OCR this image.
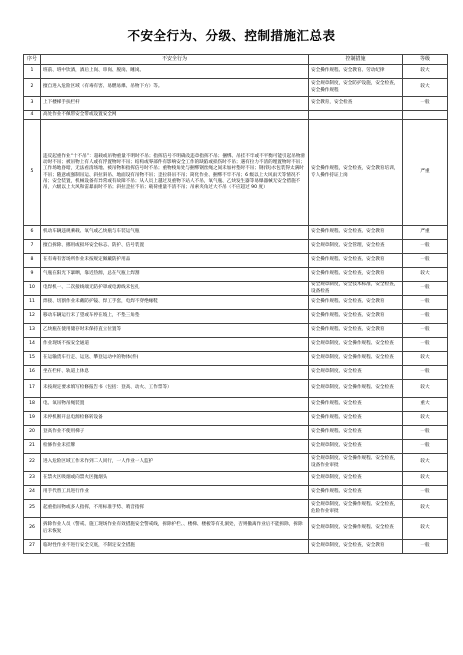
不安全行为、分级、控制措施汇总表
序号	不安全行为	控制措施	等级
1	班前、班中饮酒，酒后上岗、串岗、脱岗、睡岗。	安全操作规程、安全教育、劳动纪律	较大
2	擅自进入危险区域（有毒有害、易燃易爆、吊物下方）等。	安全规章制度，安全防护设施，安全检查，安全操作规程	较大
3	上下楼梯手扶栏杆	安全教育，安全检查	一般
4	高处作业不佩带安全带或设置安全网		
5	违反起重作业“十不吊”：超载或吊物重量不明时不吊；指挥信号不明确及违章指挥不吊；捆绑、吊挂不牢或不平衡可能引起吊物滑动时不吊；被吊物上有人或有浮置物时不吊；结构或零部件有影响安全工作的缺陷或损伤时不吊；遇有拉力不清的埋置物时不吊；工作场地昏暗，无法看清场地、被吊物和指挥信号时不吊；重物棱角处与捆绑钢丝绳之间未加衬垫时不吊；钢(铁)水包装得太满时不吊；随意或强制吊运、斜拉斜吊、地面设有吊物不吊；歪拉斜吊不吊；简化作业、捆绑不牢不吊；6 级以上大风雨天等情况不吊；安全装置，机械设备有异常或有故障不吊；从人员上越过及重物下站人不吊，氧气瓶、乙炔发生器等易爆器械无安全措施不吊，六级以上大风和雷暴雨时不吊；斜拉歪拉不吊；载荷重量不清不吊；吊索夹角过大不吊（不应超过 90 度）	安全操作规程，安全检查，安全教育培训，专人操作持证上岗	严重
6	机动车辆违规乘载、氧气或乙炔瓶与车装运气瓶	安全操作规程、安全检查、安全教育	严重
7	擅自拆除、挪用或损坏安全标志、防护、信号装置	安全规章制度、安全管理，安全检查	一般
8	在有毒有害场所作业未按规定佩戴防护用品	安全操作规程、安全检查、安全教育	一般
9	气瓶在阳光下暴晒，靠近热源，总在气瓶上焊割	安全操作规程、安全检查，安全教育	较大
10	电焊机一、二次接线端无防护罩或电源线未包扎	安全规章制度，安全技术标准，安全检查，设备检查	一般
11	焊接、切割作业未戴防护镜、焊工手套，电焊不穿绝缘鞋	安全操作规程、安全检查、安全教育	一般
12	移动车辆运行未了望或车停在坡上，不垫三角垫	安全操作规程、安全检查、安全教育	一般
13	乙炔瓶在使用储存时未保持直立位置等	安全操作规程、安全检查、安全教育	一般
14	作业现场不按安全通道	安全规章制度、安全操作规程、安全检查	一般
15	在运输货车行走、运送、攀登运动中的物体(件)	安全规章制度、安全操作规程、安全检查	较大
16	坐在栏杆、轨道上休息	安全规章制度、安全检查	一般
17	未按规定要求填写检修报告书（包括：登高、动火、工作票等）	安全规章制度、安全操作规程、安全检查	较大
18	电、氧吊物吊绳装置	安全操作规程、安全检查	重大
19	未停机断开总电源检修转设备	安全操作规程、安全检查	较大
20	登高作业不使用梯子	安全操作规程、安全检查	一般
21	检修作业未挂牌	安全规章制度、安全检查	一般
22	进入危险区域工作未作到二人同行，一人作业一人监护	安全规章制度、安全操作规程、安全检查，设备作业审批	较大
23	在禁火区吸烟或向禁火区抛烟头	安全规章制度，安全检查	较大
24	用手代替工具进行作业	安全操作规程、安全检查	一般
25	起重指吊物或多人指挥，不用标准手势、哨音指挥	安全规章制度、安全操作规程、安全检查，危险作业审批	较大
26	拆除作业人员（警戒、施工现场作业有效措施安全警戒线，拆除护栏、、楼梯、楼板等有孔洞处，否则撤离作业后不能拆除，拆除后未恢复	安全规章制度、安全操作规程、安全检查	较大
27	临时性作业不进行安全交底，不制定安全措施	安全规章制度，安全检查，安全教育	一般
